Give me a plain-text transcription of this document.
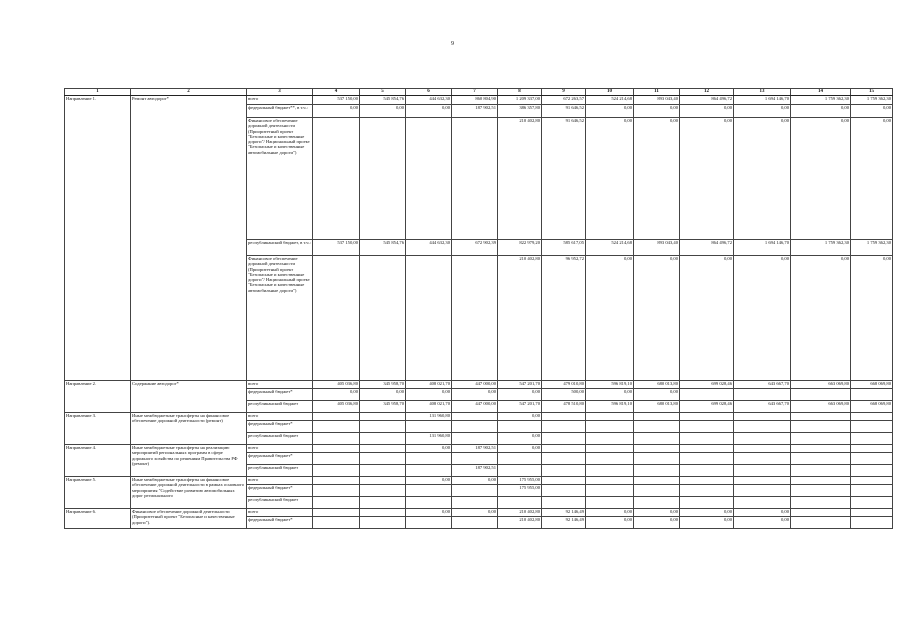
9
1	2	3	4	5	6	7	8	9	10	11	12	13	14	15
Направление 1.	Ремонт автодорог*	всего	537 150,00	545 854,76	444 632,30	860 804,90	1 209 337,00	672 263,57	524 214,68	893 043,40	864 496,72	1 694 146,70	1 759 362,30	1 759 362,30
		федеральный бюджет**, в т.ч.:	0,00	0,00	0,00	187 902,51	386 357,80	91 646,52	0,00	0,00	0,00	0,00	0,00	0,00
		Финансовое обеспечение дорожной деятельности (Приоритетный проект "Безопасные и качественные дороги"/ Национальный проект "Безопасные и качественные автомобильные дороги")					210 402,80	91 646,52	0,00	0,00	0,00	0,00	0,00	0,00
		республиканский бюджет, в т.ч.:	537 150,00	545 854,76	444 632,30	672 902,39	822 979,20	585 617,05	524 214,68	893 043,40	864 496,72	1 694 146,70	1 759 362,30	1 759 362,30
		Финансовое обеспечение дорожной деятельности (Приоритетный проект "Безопасные и качественные дороги"/ Национальный проект "Безопасные и качественные автомобильные дороги")					210 402,80	96 952,72	0,00	0,00	0,00	0,00	0,00	0,00
Направление 2.	Содержание автодорог*	всего	405 036,80	345 958,70	408 021,70	447 000,00	547 201,70	479 010,80	596 819,10	680 013,80	699 028,46	643 667,70	663 069,80	668 069,80
		федеральный бюджет*	0,00	0,00	0,00	0,00	0,00	500,00	0,00	0,00				
		республиканский бюджет	405 036,80	345 958,70	408 021,70	447 000,00	547 201,70	478 510,80	596 819,10	680 013,80	699 028,46	643 667,70	663 069,80	668 069,80
Направление 3.	Иные межбюджетные трансферты на финансовое обеспечение дорожной деятельности (ремонт)	всего			131 960,80		0,00							
		федеральный бюджет*												
		республиканский бюджет			131 960,80		0,00							
Направление 4.	Иные межбюджетные трансферты на реализацию мероприятий региональных программ в сфере дорожного хозяйства по решениям Правительства РФ (ремонт)	всего			0,00	187 902,51	0,00							
		федеральный бюджет*												
		республиканский бюджет				187 902,51								
Направление 5.	Иные межбюджетные трансферты на финансовое обеспечение дорожной деятельности в рамках основного мероприятия "Содействие развитию автомобильных дорог регионального	всего			0,00	0,00	175 955,00							
		федеральный бюджет*					175 955,00							
		республиканский бюджет												
Направление 6.	Финансовое обеспечение дорожной деятельности (Приоритетный проект "Безопасные и качественные дороги").	всего			0,00	0,00	210 402,80	92 146,49	0,00	0,00	0,00	0,00		
		федеральный бюджет*					210 402,80	92 146,49	0,00	0,00	0,00	0,00		
